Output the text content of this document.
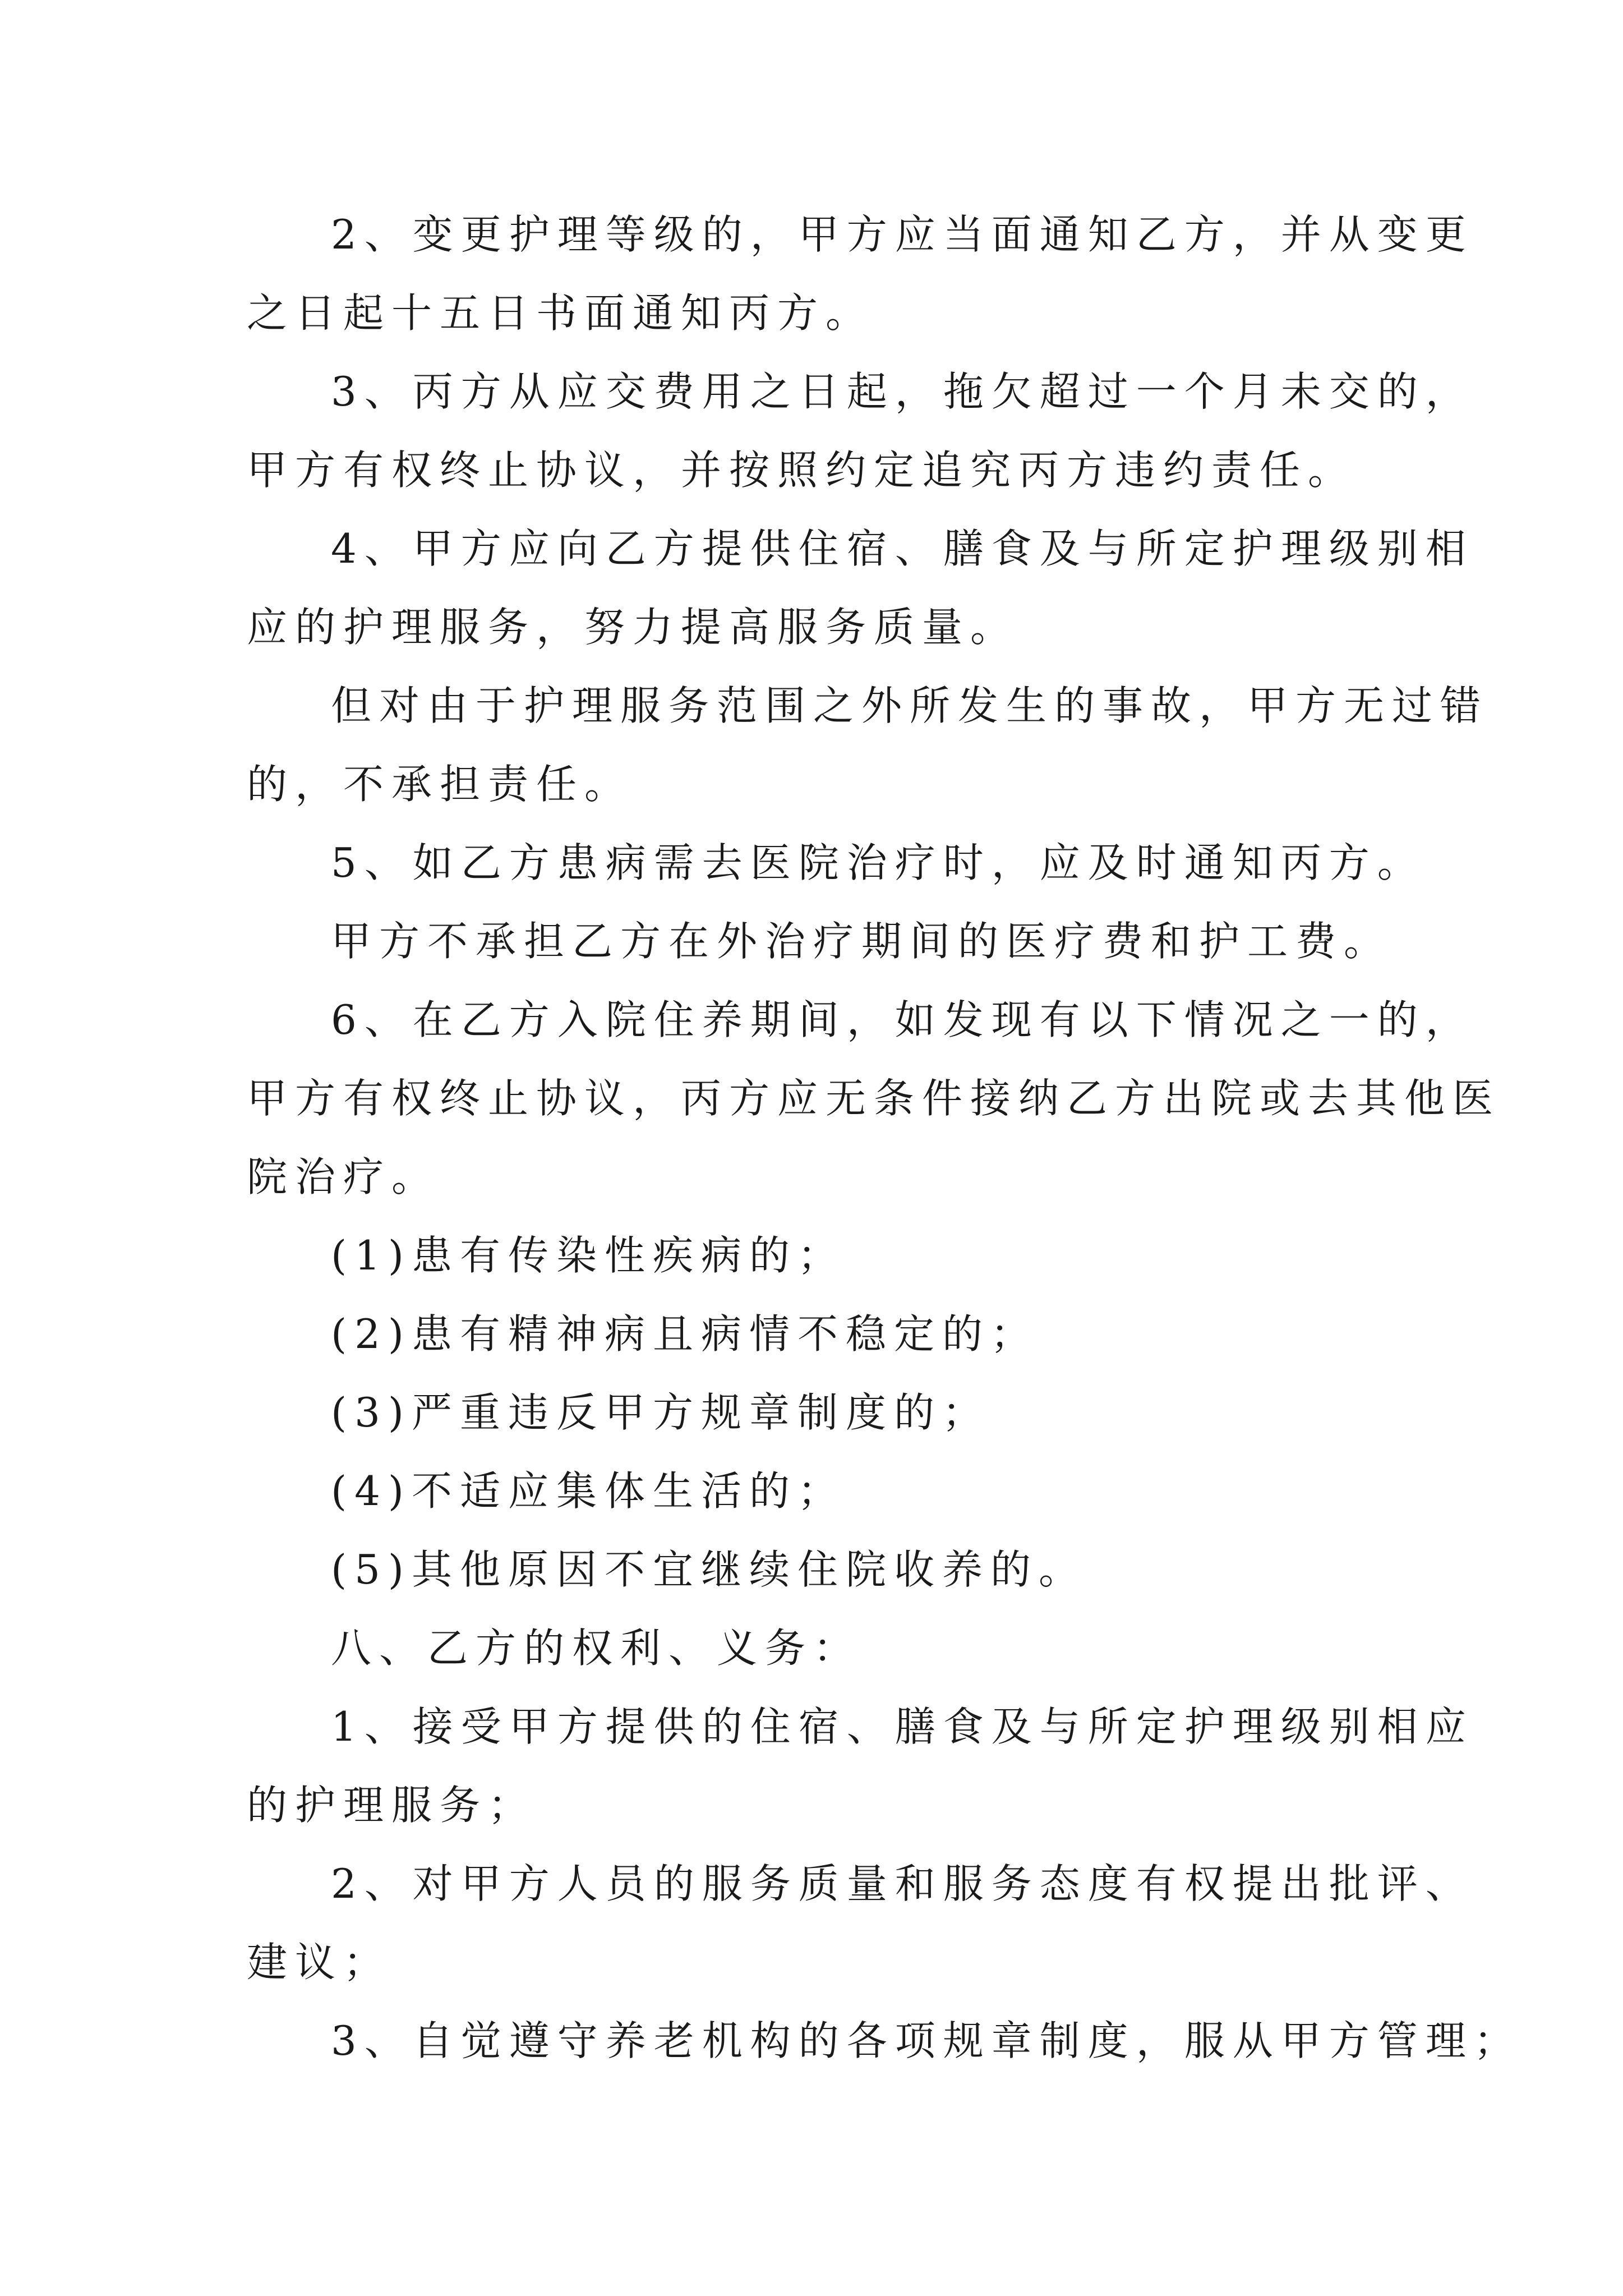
2、变更护理等级的，甲方应当面通知乙方，并从变更
之日起十五日书面通知丙方。
3、丙方从应交费用之日起，拖欠超过一个月未交的，
甲方有权终止协议，并按照约定追究丙方违约责任。
4、甲方应向乙方提供住宿、膳食及与所定护理级别相
应的护理服务，努力提高服务质量。
但对由于护理服务范围之外所发生的事故，甲方无过错
的，不承担责任。
5、如乙方患病需去医院治疗时，应及时通知丙方。
甲方不承担乙方在外治疗期间的医疗费和护工费。
6、在乙方入院住养期间，如发现有以下情况之一的，
甲方有权终止协议，丙方应无条件接纳乙方出院或去其他医
院治疗。
(1)患有传染性疾病的；
(2)患有精神病且病情不稳定的；
(3)严重违反甲方规章制度的；
(4)不适应集体生活的；
(5)其他原因不宜继续住院收养的。
八、乙方的权利、义务：
1、接受甲方提供的住宿、膳食及与所定护理级别相应
的护理服务；
2、对甲方人员的服务质量和服务态度有权提出批评、
建议；
3、自觉遵守养老机构的各项规章制度，服从甲方管理；
